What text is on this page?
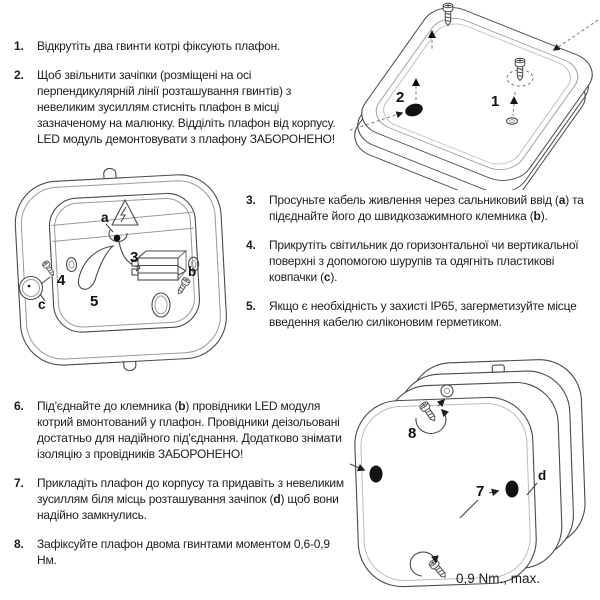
1.	Відкрутіть два гвинти котрі фіксують плафон.
2.	Щоб звільнити зачіпки (розміщені на осі перпендикулярній лінії розташування гвинтів) з невеликим зусиллям стисніть плафон в місці зазначеному на малюнку. Відділіть плафон від корпусу. LED модуль демонтовувати з плафону ЗАБОРОНЕНО!
3.	Просуньте кабель живлення через сальниковий ввід (a) та підєднайте його до швидкозажимного клемника (b).
4.	Прикрутіть світильник до горизонтальної чи вертикальної поверхні з допомогою шурупів та одягніть пластикові ковпачки (c).
5.	Якщо є необхідність у захисті IP65, загерметизуйте місце введення кабелю силіконовим герметиком.
6.	Під'єднайте до клемника (b) провідники LED модуля котрий вмонтований у плафон. Провідники деізольовані достатньо для надійного під'єднання. Додатково знімати ізоляцію з провідників ЗАБОРОНЕНО!
7.	Прикладіть плафон до корпусу та придавіть з невеликим зусиллям біля місць розташування зачіпок (d) щоб вони надійно замкнулись.
8.	Зафіксуйте плафон двома гвинтами моментом 0,6-0,9 Нм.
1
2
a
3
b
4
5
c
8
7
d
0,9 Nm., max.
